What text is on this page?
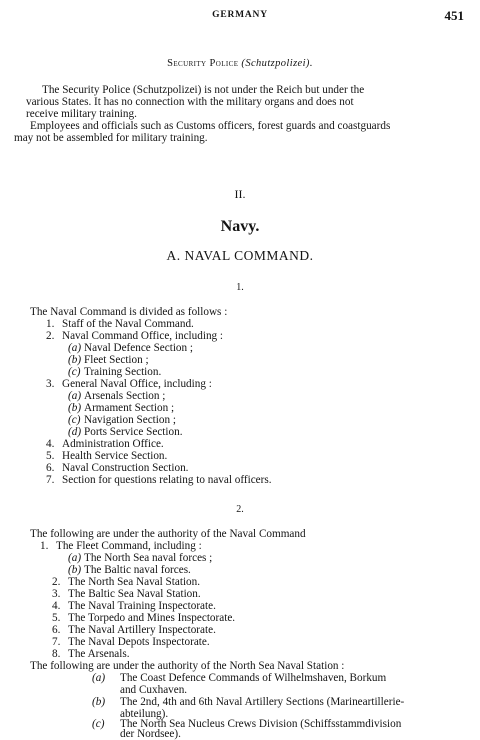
GERMANY	451
Security Police (Schutzpolizei).
The Security Police (Schutzpolizei) is not under the Reich but under the
various States. It has no connection with the military organs and does not
receive military training.
Employees and officials such as Customs officers, forest guards and coastguards
may not be assembled for military training.
II.
Navy.
A. NAVAL COMMAND.
1.
The Naval Command is divided as follows :
1. Staff of the Naval Command.
2. Naval Command Office, including :
(a) Naval Defence Section ;
(b) Fleet Section ;
(c) Training Section.
3. General Naval Office, including :
(a) Arsenals Section ;
(b) Armament Section ;
(c) Navigation Section ;
(d) Ports Service Section.
4. Administration Office.
5. Health Service Section.
6. Naval Construction Section.
7. Section for questions relating to naval officers.
2.
The following are under the authority of the Naval Command
1. The Fleet Command, including :
(a) The North Sea naval forces ;
(b) The Baltic naval forces.
2. The North Sea Naval Station.
3. The Baltic Sea Naval Station.
4. The Naval Training Inspectorate.
5. The Torpedo and Mines Inspectorate.
6. The Naval Artillery Inspectorate.
7. The Naval Depots Inspectorate.
8. The Arsenals.
The following are under the authority of the North Sea Naval Station :
(a) The Coast Defence Commands of Wilhelmshaven, Borkum
and Cuxhaven.
(b) The 2nd, 4th and 6th Naval Artillery Sections (Marineartillerie-
abteilung).
(c) The North Sea Nucleus Crews Division (Schiffsstammdivision
der Nordsee).
